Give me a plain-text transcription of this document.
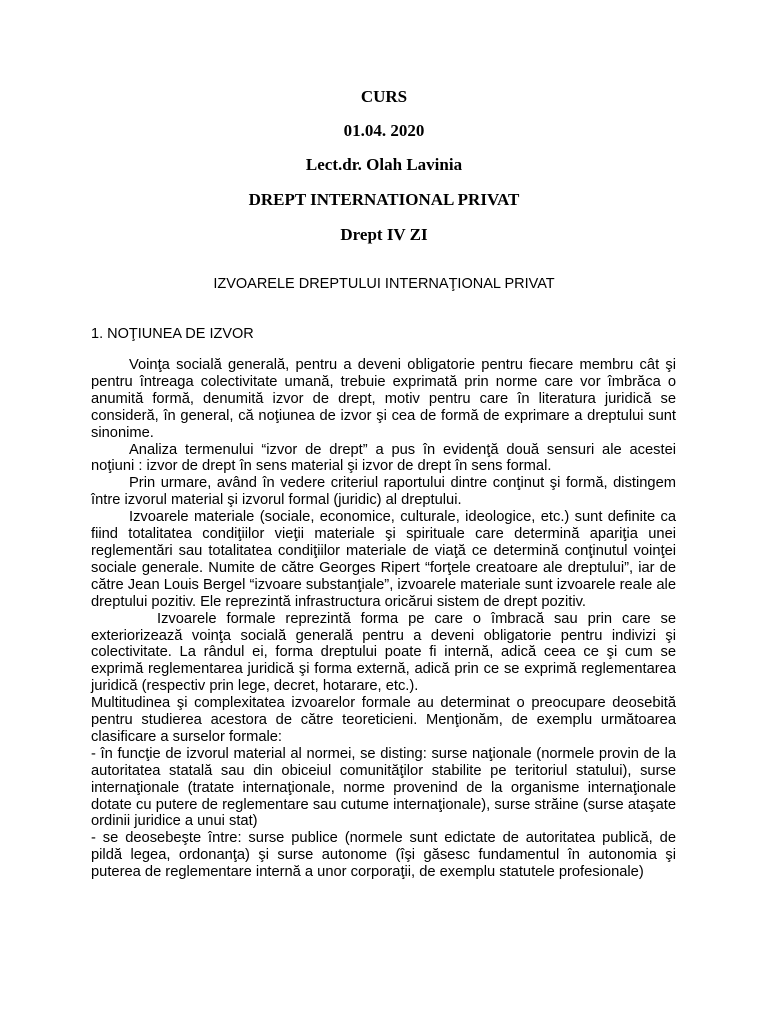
CURS
01.04. 2020
Lect.dr. Olah Lavinia
DREPT INTERNATIONAL PRIVAT
Drept IV ZI
IZVOARELE DREPTULUI INTERNAŢIONAL PRIVAT
1. NOŢIUNEA DE IZVOR

Voinţa socială generală, pentru a deveni obligatorie pentru fiecare membru cât şi pentru întreaga colectivitate umană, trebuie exprimată prin norme care vor îmbrăca o anumită formă, denumită izvor de drept, motiv pentru care în literatura juridică se consideră, în general, că noţiunea de izvor şi cea de formă de exprimare a dreptului sunt sinonime.

Analiza termenului “izvor de drept” a pus în evidenţă două sensuri ale acestei noţiuni : izvor de drept în sens material şi izvor de drept în sens formal.

Prin urmare, având în vedere criteriul raportului dintre conţinut şi formă, distingem între izvorul material şi izvorul formal (juridic) al dreptului.

Izvoarele materiale (sociale, economice, culturale, ideologice, etc.) sunt definite ca fiind totalitatea condiţiilor vieţii materiale şi spirituale care determină apariţia unei reglementări sau totalitatea condiţiilor materiale de viaţă ce determină conţinutul voinţei sociale generale. Numite de către Georges Ripert “forţele creatoare ale dreptului”, iar de către Jean Louis Bergel “izvoare substanţiale”, izvoarele materiale sunt izvoarele reale ale dreptului pozitiv. Ele reprezintă infrastructura oricărui sistem de drept pozitiv.

Izvoarele formale reprezintă forma pe care o îmbracă sau prin care se exteriorizează voinţa socială generală pentru a deveni obligatorie pentru indivizi şi colectivitate. La rândul ei, forma dreptului poate fi internă, adică ceea ce şi cum se exprimă reglementarea juridică şi forma externă, adică prin ce se exprimă reglementarea juridică (respectiv prin lege, decret, hotarare, etc.).

Multitudinea şi complexitatea izvoarelor formale au determinat o preocupare deosebită pentru studierea acestora de către teoreticieni. Menţionăm, de exemplu următoarea clasificare a surselor formale:

- în funcţie de izvorul material al normei, se disting: surse naţionale (normele provin de la autoritatea statală sau din obiceiul comunităţilor stabilite pe teritoriul statului), surse internaţionale (tratate internaţionale, norme provenind de la organisme internaţionale dotate cu putere de reglementare sau cutume internaţionale), surse străine (surse ataşate ordinii juridice a unui stat)

- se deosebeşte între: surse publice (normele sunt edictate de autoritatea publică, de pildă legea, ordonanţa) şi surse autonome (îşi găsesc fundamentul în autonomia şi puterea de reglementare internă a unor corporaţii, de exemplu statutele profesionale)
